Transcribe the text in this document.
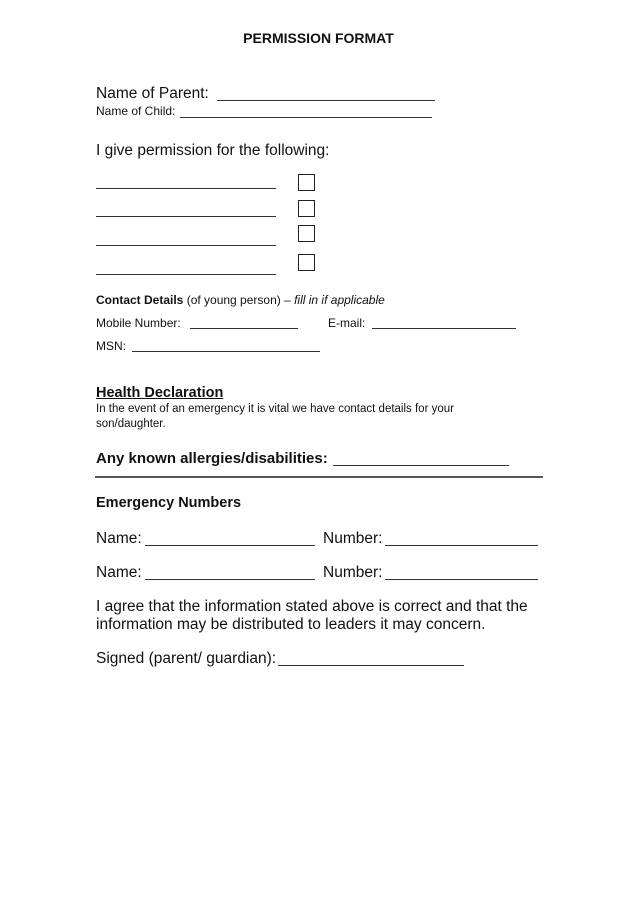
PERMISSION FORMAT
Name of Parent:
Name of Child:
I give permission for the following:
Contact Details (of young person) – fill in if applicable
Mobile Number:	E-mail:
MSN:
Health Declaration
In the event of an emergency it is vital we have contact details for your
son/daughter.
Any known allergies/disabilities:
Emergency Numbers
Name:	Number:
Name:	Number:
I agree that the information stated above is correct and that the
information may be distributed to leaders it may concern.
Signed (parent/ guardian):
